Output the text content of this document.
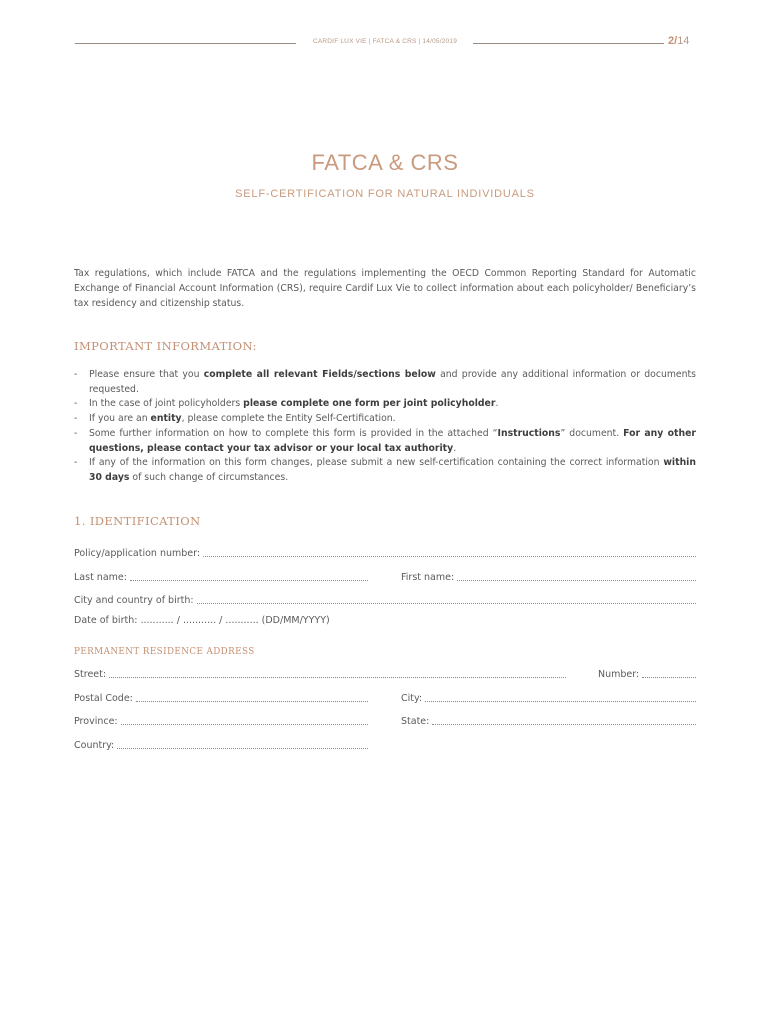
CARDIF LUX VIE | FATCA & CRS | 14/05/2019	2/14
FATCA & CRS
SELF-CERTIFICATION FOR NATURAL INDIVIDUALS
Tax regulations, which include FATCA and the regulations implementing the OECD Common Reporting Standard for Automatic Exchange of Financial Account Information (CRS), require Cardif Lux Vie to collect information about each policyholder/ Beneficiary’s tax residency and citizenship status.
IMPORTANT INFORMATION:
- Please ensure that you complete all relevant Fields/sections below and provide any additional information or documents requested.
- In the case of joint policyholders please complete one form per joint policyholder.
- If you are an entity, please complete the Entity Self-Certification.
- Some further information on how to complete this form is provided in the attached “Instructions” document. For any other questions, please contact your tax advisor or your local tax authority.
- If any of the information on this form changes, please submit a new self-certification containing the correct information within 30 days of such change of circumstances.
1. IDENTIFICATION
Policy/application number:
Last name:	First name:
City and country of birth:
Date of birth: ........... / ........... / ........... (DD/MM/YYYY)
PERMANENT RESIDENCE ADDRESS
Street:	Number:
Postal Code:	City:
Province:	State:
Country:
